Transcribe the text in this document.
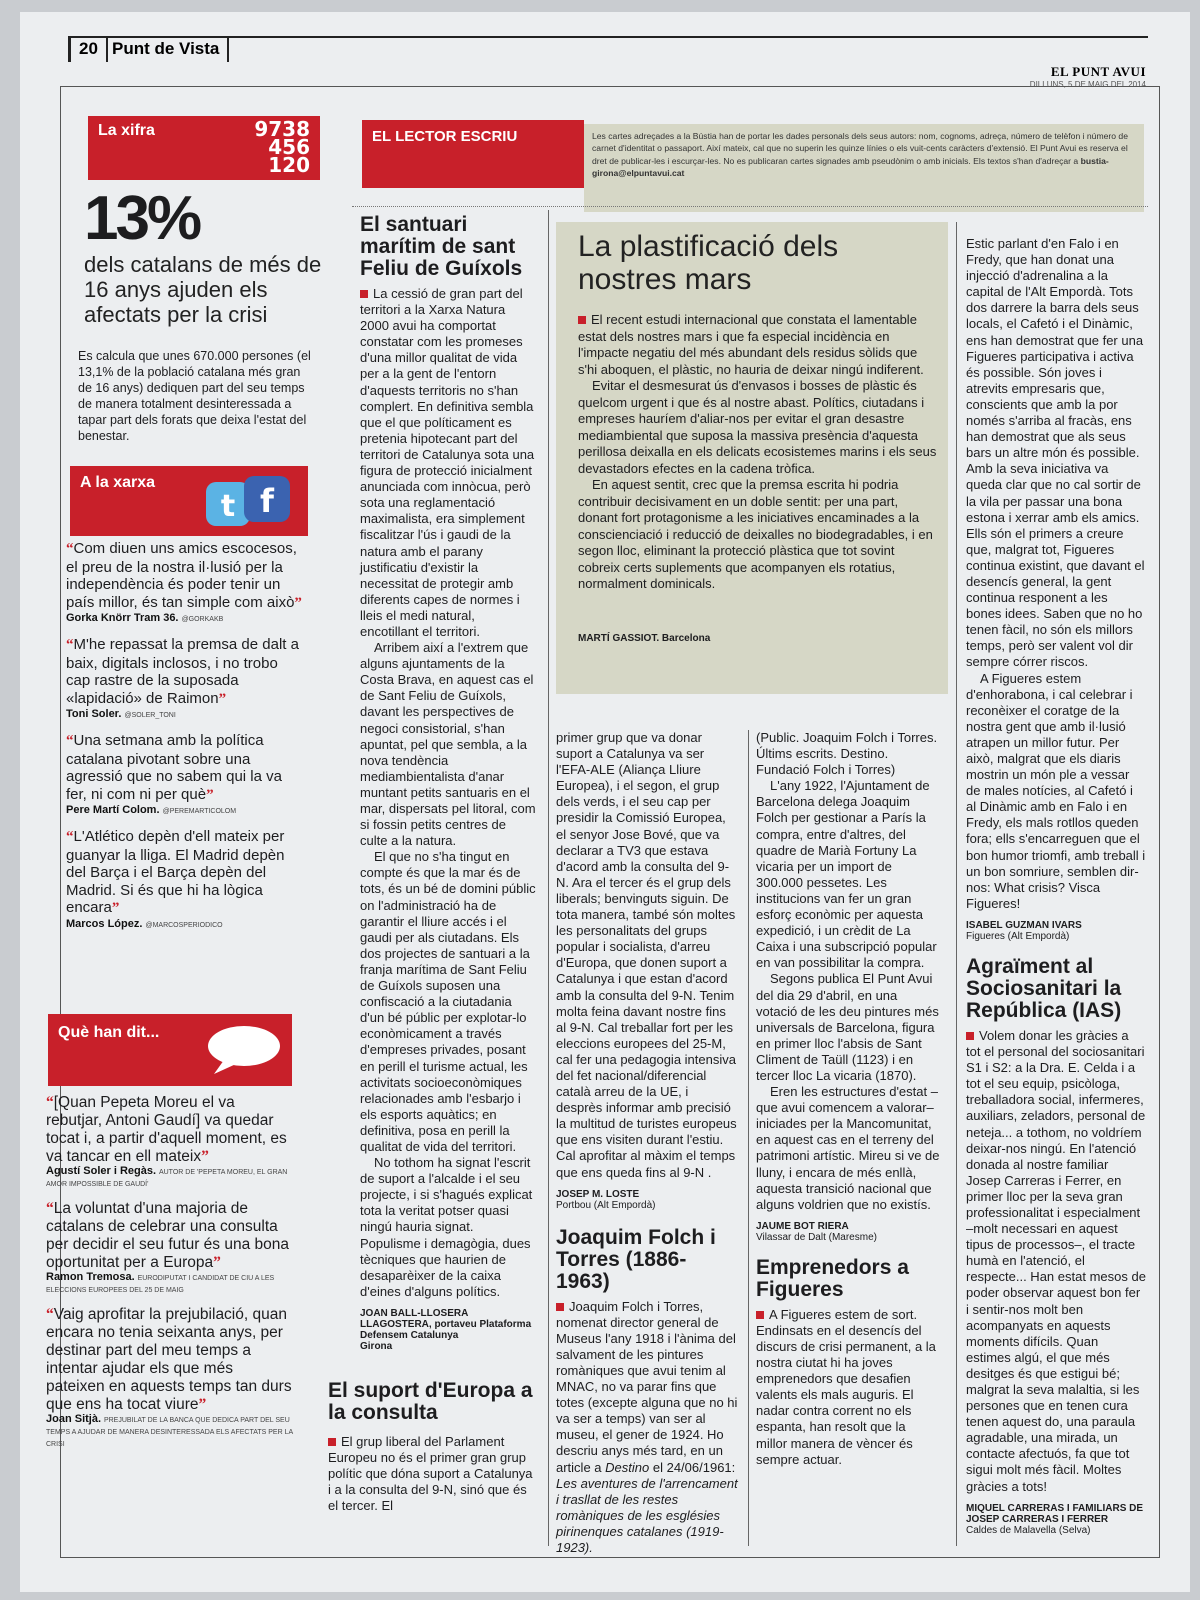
20 Punt de Vista
EL PUNT AVUI
DILLUNS, 5 DE MAIG DEL 2014
La xifra	9738 456 120
13%
dels catalans de més de 16 anys ajuden els afectats per la crisi
Es calcula que unes 670.000 persones (el 13,1% de la població catalana més gran de 16 anys) dediquen part del seu temps de manera totalment desinteressada a tapar part dels forats que deixa l'estat del benestar.
A la xarxa
t f
“Com diuen uns amics escocesos, el preu de la nostra il·lusió per la independència és poder tenir un país millor, és tan simple com això”
Gorka Knörr Tram 36. @GORKAKB
“M'he repassat la premsa de dalt a baix, digitals inclosos, i no trobo cap rastre de la suposada «lapidació» de Raimon”
Toni Soler. @SOLER_TONI
“Una setmana amb la política catalana pivotant sobre una agressió que no sabem qui la va fer, ni com ni per què”
Pere Martí Colom. @PEREMARTICOLOM
“L'Atlético depèn d'ell mateix per guanyar la lliga. El Madrid depèn del Barça i el Barça depèn del Madrid. Si és que hi ha lògica encara”
Marcos López. @MARCOSPERIODICO
Què han dit...
“[Quan Pepeta Moreu el va rebutjar, Antoni Gaudí] va quedar tocat i, a partir d'aquell moment, es va tancar en ell mateix”
Agustí Soler i Regàs. AUTOR DE 'PEPETA MOREU, EL GRAN AMOR IMPOSSIBLE DE GAUDÍ'
“La voluntat d'una majoria de catalans de celebrar una consulta per decidir el seu futur és una bona oportunitat per a Europa”
Ramon Tremosa. EURODIPUTAT I CANDIDAT DE CIU A LES ELECCIONS EUROPEES DEL 25 DE MAIG
“Vaig aprofitar la prejubilació, quan encara no tenia seixanta anys, per destinar part del meu temps a intentar ajudar els que més pateixen en aquests temps tan durs que ens ha tocat viure”
Joan Sitjà. PREJUBILAT DE LA BANCA QUE DEDICA PART DEL SEU TEMPS A AJUDAR DE MANERA DESINTERESSADA ELS AFECTATS PER LA CRISI
EL LECTOR ESCRIU	Les cartes adreçades a la Bústia han de portar les dades personals dels seus autors: nom, cognoms, adreça, número de telèfon i número de carnet d'identitat o passaport. Així mateix, cal que no superin les quinze línies o els vuit-cents caràcters d'extensió. El Punt Avui es reserva el dret de publicar-les i escurçar-les. No es publicaran cartes signades amb pseudònim o amb inicials. Els textos s'han d'adreçar a bustia-girona@elpuntavui.cat
El santuari marítim de sant Feliu de Guíxols

La cessió de gran part del territori a la Xarxa Natura 2000 avui ha comportat constatar com les promeses d'una millor qualitat de vida per a la gent de l'entorn d'aquests territoris no s'han complert. En definitiva sembla que el que políticament es pretenia hipotecant part del territori de Catalunya sota una figura de protecció inicialment anunciada com innòcua, però sota una reglamentació maximalista, era simplement fiscalitzar l'ús i gaudi de la natura amb el parany justificatiu d'existir la necessitat de protegir amb diferents capes de normes i lleis el medi natural, encotillant el territori.

Arribem així a l'extrem que alguns ajuntaments de la Costa Brava, en aquest cas el de Sant Feliu de Guíxols, davant les perspectives de negoci consistorial, s'han apuntat, pel que sembla, a la nova tendència mediambientalista d'anar muntant petits santuaris en el mar, dispersats pel litoral, com si fossin petits centres de culte a la natura.

El que no s'ha tingut en compte és que la mar és de tots, és un bé de domini públic on l'administració ha de garantir el lliure accés i el gaudi per als ciutadans. Els dos projectes de santuari a la franja marítima de Sant Feliu de Guíxols suposen una confiscació a la ciutadania d'un bé públic per explotar-lo econòmicament a través d'empreses privades, posant en perill el turisme actual, les activitats socioeconòmiques relacionades amb l'esbarjo i els esports aquàtics; en definitiva, posa en perill la qualitat de vida del territori.

No tothom ha signat l'escrit de suport a l'alcalde i el seu projecte, i si s'hagués explicat tota la veritat potser quasi ningú hauria signat. Populisme i demagògia, dues tècniques que haurien de desaparèixer de la caixa d'eines d'alguns polítics.

JOAN BALL-LLOSERA LLAGOSTERA, portaveu Plataforma Defensem Catalunya
Girona
El suport d'Europa a la consulta

El grup liberal del Parlament Europeu no és el primer gran grup polític que dóna suport a Catalunya i a la consulta del 9-N, sinó que és el tercer. El

La plastificació dels nostres mars

El recent estudi internacional que constata el lamentable estat dels nostres mars i que fa especial incidència en l'impacte negatiu del més abundant dels residus sòlids que s'hi aboquen, el plàstic, no hauria de deixar ningú indiferent.

Evitar el desmesurat ús d'envasos i bosses de plàstic és quelcom urgent i que és al nostre abast. Polítics, ciutadans i empreses hauríem d'aliar-nos per evitar el gran desastre mediambiental que suposa la massiva presència d'aquesta perillosa deixalla en els delicats ecosistemes marins i els seus devastadors efectes en la cadena tròfica.

En aquest sentit, crec que la premsa escrita hi podria contribuir decisivament en un doble sentit: per una part, donant fort protagonisme a les iniciatives encaminades a la conscienciació i reducció de deixalles no biodegradables, i en segon lloc, eliminant la protecció plàstica que tot sovint cobreix certs suplements que acompanyen els rotatius, normalment dominicals.

MARTÍ GASSIOT. Barcelona

primer grup que va donar suport a Catalunya va ser l'EFA-ALE (Aliança Lliure Europea), i el segon, el grup dels verds, i el seu cap per presidir la Comissió Europea, el senyor Jose Bové, que va declarar a TV3 que estava d'acord amb la consulta del 9-N. Ara el tercer és el grup dels liberals; benvinguts siguin. De tota manera, també són moltes les personalitats del grups popular i socialista, d'arreu d'Europa, que donen suport a Catalunya i que estan d'acord amb la consulta del 9-N. Tenim molta feina davant nostre fins al 9-N. Cal treballar fort per les eleccions europees del 25-M, cal fer una pedagogia intensiva del fet nacional/diferencial català arreu de la UE, i desprès informar amb precisió la multitud de turistes europeus que ens visiten durant l'estiu. Cal aprofitar al màxim el temps que ens queda fins al 9-N .

JOSEP M. LOSTE
Portbou (Alt Empordà)
Joaquim Folch i Torres (1886-1963)

Joaquim Folch i Torres, nomenat director general de Museus l'any 1918 i l'ànima del salvament de les pintures romàniques que avui tenim al MNAC, no va parar fins que totes (excepte alguna que no hi va ser a temps) van ser al museu, el gener de 1924. Ho descriu anys més tard, en un article a Destino el 24/06/1961: Les aventures de l'arrencament i trasllat de les restes romàniques de les esglésies pirinenques catalanes (1919-1923).

(Public. Joaquim Folch i Torres. Últims escrits. Destino. Fundació Folch i Torres)

L'any 1922, l'Ajuntament de Barcelona delega Joaquim Folch per gestionar a París la compra, entre d'altres, del quadre de Marià Fortuny La vicaria per un import de 300.000 pessetes. Les institucions van fer un gran esforç econòmic per aquesta expedició, i un crèdit de La Caixa i una subscripció popular en van possibilitar la compra.

Segons publica El Punt Avui del dia 29 d'abril, en una votació de les deu pintures més universals de Barcelona, figura en primer lloc l'absis de Sant Climent de Taüll (1123) i en tercer lloc La vicaria (1870).

Eren les estructures d'estat –que avui comencem a valorar– iniciades per la Mancomunitat, en aquest cas en el terreny del patrimoni artístic. Mireu si ve de lluny, i encara de més enllà, aquesta transició nacional que alguns voldrien que no existís.

JAUME BOT RIERA
Vilassar de Dalt (Maresme)
Emprenedors a Figueres

A Figueres estem de sort. Endinsats en el desencís del discurs de crisi permanent, a la nostra ciutat hi ha joves emprenedors que desafien valents els mals auguris. El nadar contra corrent no els espanta, han resolt que la millor manera de vèncer és sempre actuar.

Estic parlant d'en Falo i en Fredy, que han donat una injecció d'adrenalina a la capital de l'Alt Empordà. Tots dos darrere la barra dels seus locals, el Cafetó i el Dinàmic, ens han demostrat que fer una Figueres participativa i activa és possible. Són joves i atrevits empresaris que, conscients que amb la por només s'arriba al fracàs, ens han demostrat que als seus bars un altre món és possible. Amb la seva iniciativa va queda clar que no cal sortir de la vila per passar una bona estona i xerrar amb els amics. Ells són el primers a creure que, malgrat tot, Figueres continua existint, que davant el desencís general, la gent continua responent a les bones idees. Saben que no ho tenen fàcil, no són els millors temps, però ser valent vol dir sempre córrer riscos.

A Figueres estem d'enhorabona, i cal celebrar i reconèixer el coratge de la nostra gent que amb il·lusió atrapen un millor futur. Per això, malgrat que els diaris mostrin un món ple a vessar de males notícies, al Cafetó i al Dinàmic amb en Falo i en Fredy, els mals rotllos queden fora; ells s'encarreguen que el bon humor triomfi, amb treball i un bon somriure, semblen dir-nos: What crisis? Visca Figueres!

ISABEL GUZMAN IVARS
Figueres (Alt Empordà)
Agraïment al Sociosanitari la República (IAS)

Volem donar les gràcies a tot el personal del sociosanitari S1 i S2: a la Dra. E. Celda i a tot el seu equip, psicòloga, treballadora social, infermeres, auxiliars, zeladors, personal de neteja... a tothom, no voldríem deixar-nos ningú. En l'atenció donada al nostre familiar Josep Carreras i Ferrer, en primer lloc per la seva gran professionalitat i especialment –molt necessari en aquest tipus de processos–, el tracte humà en l'atenció, el respecte... Han estat mesos de poder observar aquest bon fer i sentir-nos molt ben acompanyats en aquests moments difícils. Quan estimes algú, el que més desitges és que estigui bé; malgrat la seva malaltia, si les persones que en tenen cura tenen aquest do, una paraula agradable, una mirada, un contacte afectuós, fa que tot sigui molt més fàcil. Moltes gràcies a tots!

MIQUEL CARRERAS I FAMILIARS DE JOSEP CARRERAS I FERRER
Caldes de Malavella (Selva)
